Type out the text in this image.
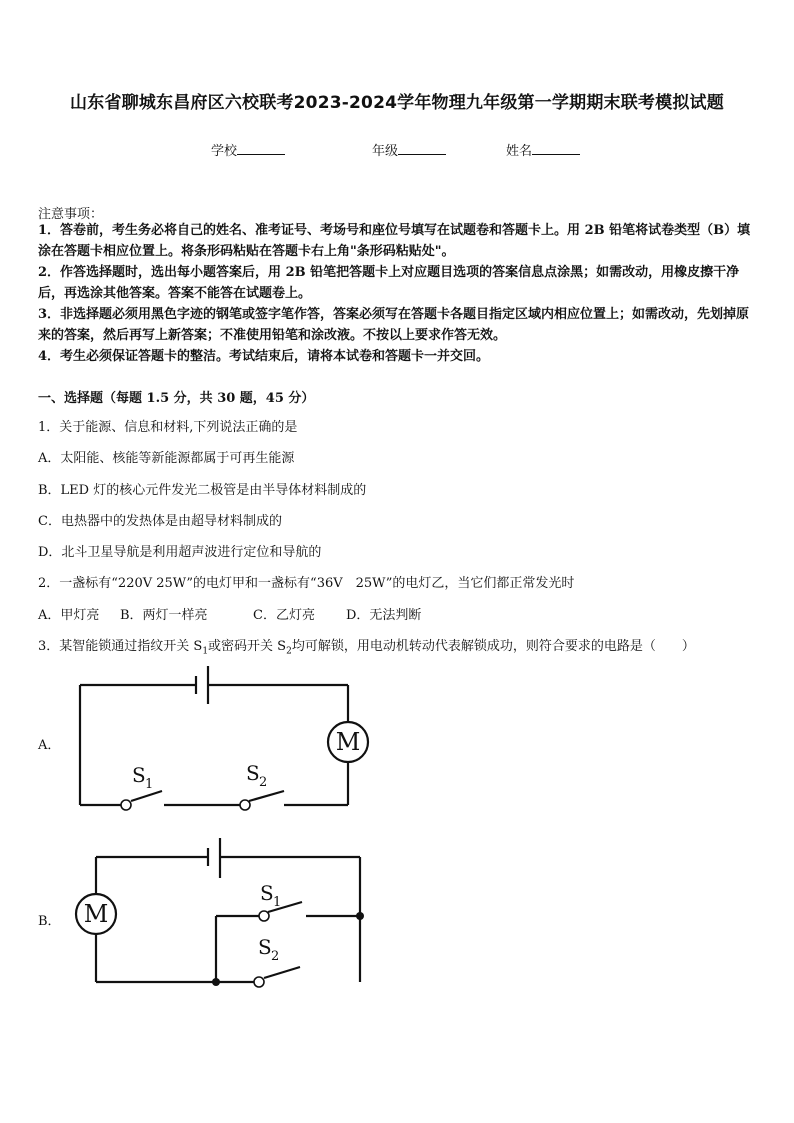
山东省聊城东昌府区六校联考2023-2024学年物理九年级第一学期期末联考模拟试题
学校	年级	姓名
注意事项：
1．答卷前，考生务必将自己的姓名、准考证号、考场号和座位号填写在试题卷和答题卡上。用 2B 铅笔将试卷类型（B）填涂在答题卡相应位置上。将条形码粘贴在答题卡右上角"条形码粘贴处"。
2．作答选择题时，选出每小题答案后，用 2B 铅笔把答题卡上对应题目选项的答案信息点涂黑；如需改动，用橡皮擦干净后，再选涂其他答案。答案不能答在试题卷上。
3．非选择题必须用黑色字迹的钢笔或签字笔作答，答案必须写在答题卡各题目指定区域内相应位置上；如需改动，先划掉原来的答案，然后再写上新答案；不准使用铅笔和涂改液。不按以上要求作答无效。
4．考生必须保证答题卡的整洁。考试结束后，请将本试卷和答题卡一并交回。
一、选择题（每题 1.5 分，共 30 题，45 分）
1．关于能源、信息和材料,下列说法正确的是
A．太阳能、核能等新能源都属于可再生能源
B．LED 灯的核心元件发光二极管是由半导体材料制成的
C．电热器中的发热体是由超导材料制成的
D．北斗卫星导航是利用超声波进行定位和导航的
2．一盏标有“220V 25W”的电灯甲和一盏标有“36V　25W”的电灯乙，当它们都正常发光时
A．甲灯亮 B．两灯一样亮	C．乙灯亮 D．无法判断
3．某智能锁通过指纹开关 $S_1$或密码开关 $S_2$均可解锁，用电动机转动代表解锁成功，则符合要求的电路是（　　）
A．	M
S 1	S 2
B． M
S 1
S 2
